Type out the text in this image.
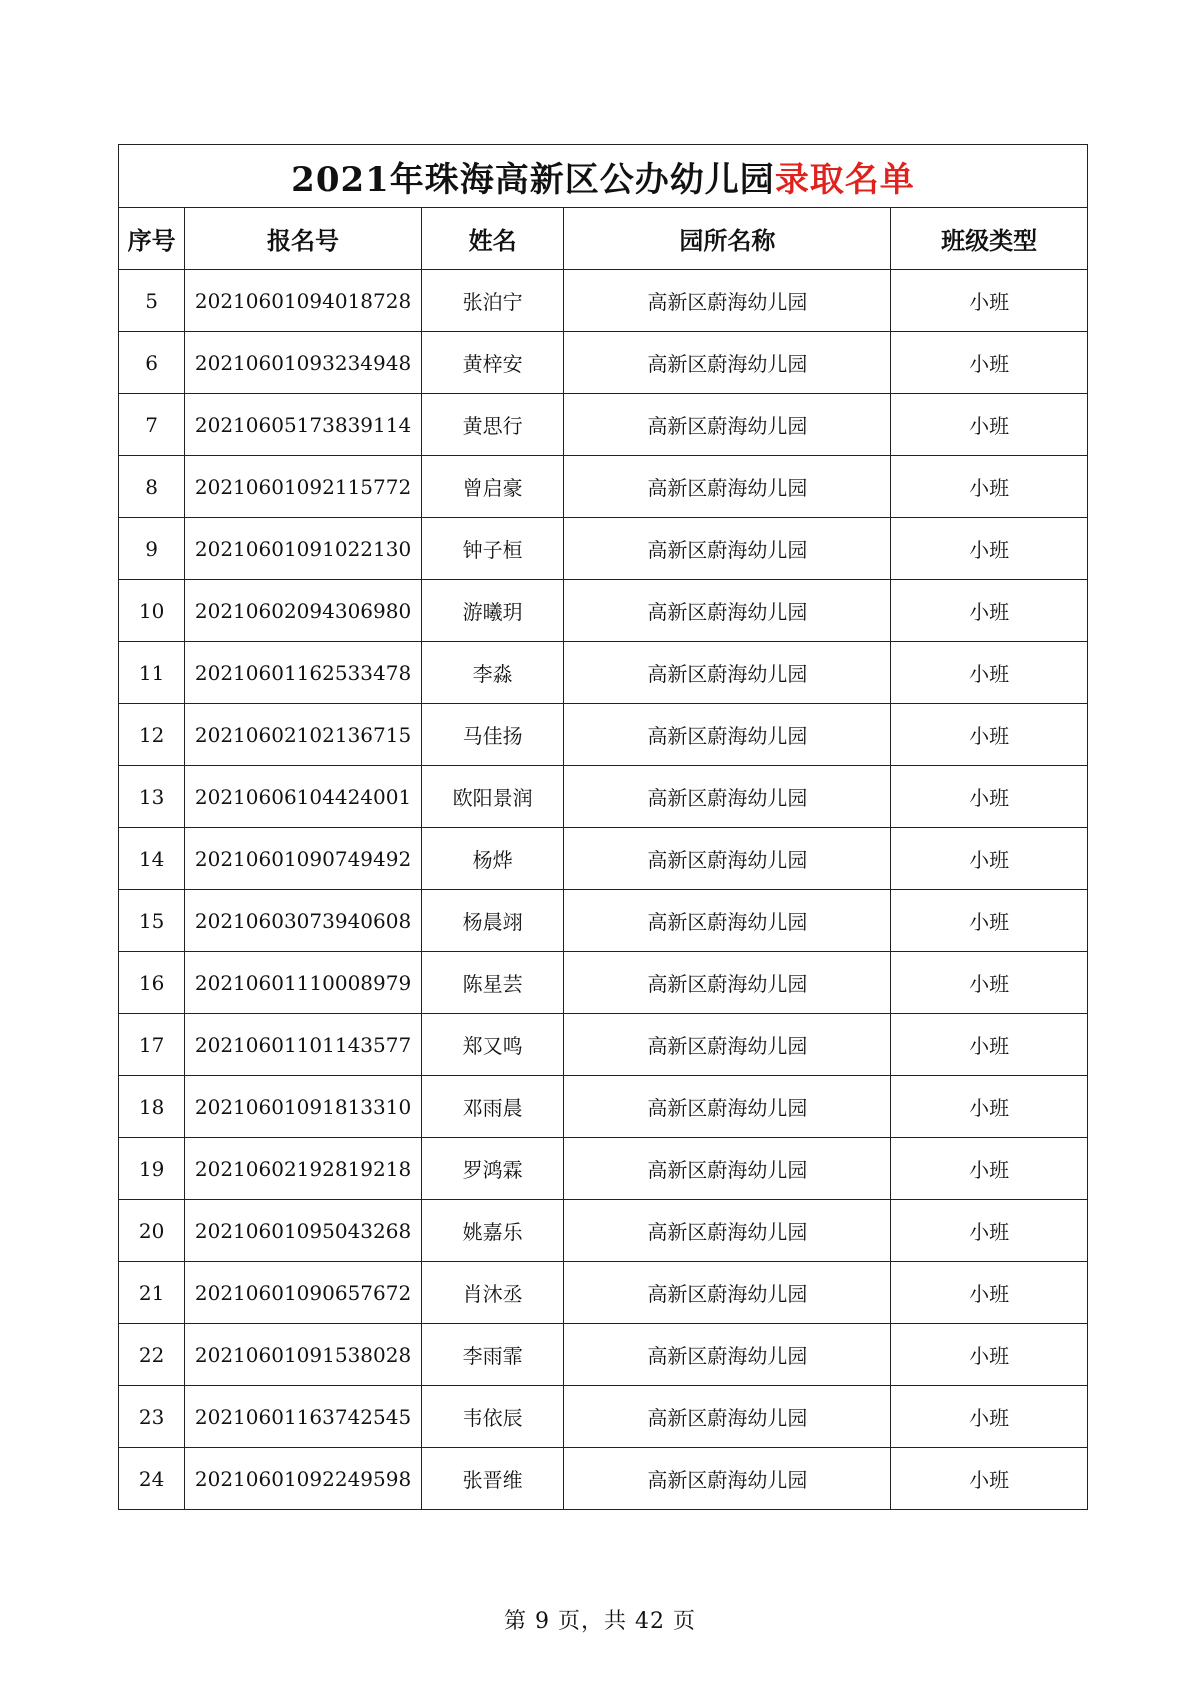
2021年珠海高新区公办幼儿园录取名单				
序号	报名号	姓名	园所名称	班级类型
5	20210601094018728	张泊宁	高新区蔚海幼儿园	小班
6	20210601093234948	黄梓安	高新区蔚海幼儿园	小班
7	20210605173839114	黄思行	高新区蔚海幼儿园	小班
8	20210601092115772	曾启豪	高新区蔚海幼儿园	小班
9	20210601091022130	钟子桓	高新区蔚海幼儿园	小班
10	20210602094306980	游曦玥	高新区蔚海幼儿园	小班
11	20210601162533478	李淼	高新区蔚海幼儿园	小班
12	20210602102136715	马佳扬	高新区蔚海幼儿园	小班
13	20210606104424001	欧阳景润	高新区蔚海幼儿园	小班
14	20210601090749492	杨烨	高新区蔚海幼儿园	小班
15	20210603073940608	杨晨翊	高新区蔚海幼儿园	小班
16	20210601110008979	陈星芸	高新区蔚海幼儿园	小班
17	20210601101143577	郑又鸣	高新区蔚海幼儿园	小班
18	20210601091813310	邓雨晨	高新区蔚海幼儿园	小班
19	20210602192819218	罗鸿霖	高新区蔚海幼儿园	小班
20	20210601095043268	姚嘉乐	高新区蔚海幼儿园	小班
21	20210601090657672	肖沐丞	高新区蔚海幼儿园	小班
22	20210601091538028	李雨霏	高新区蔚海幼儿园	小班
23	20210601163742545	韦依辰	高新区蔚海幼儿园	小班
24	20210601092249598	张晋维	高新区蔚海幼儿园	小班
第 9 页，共 42 页
